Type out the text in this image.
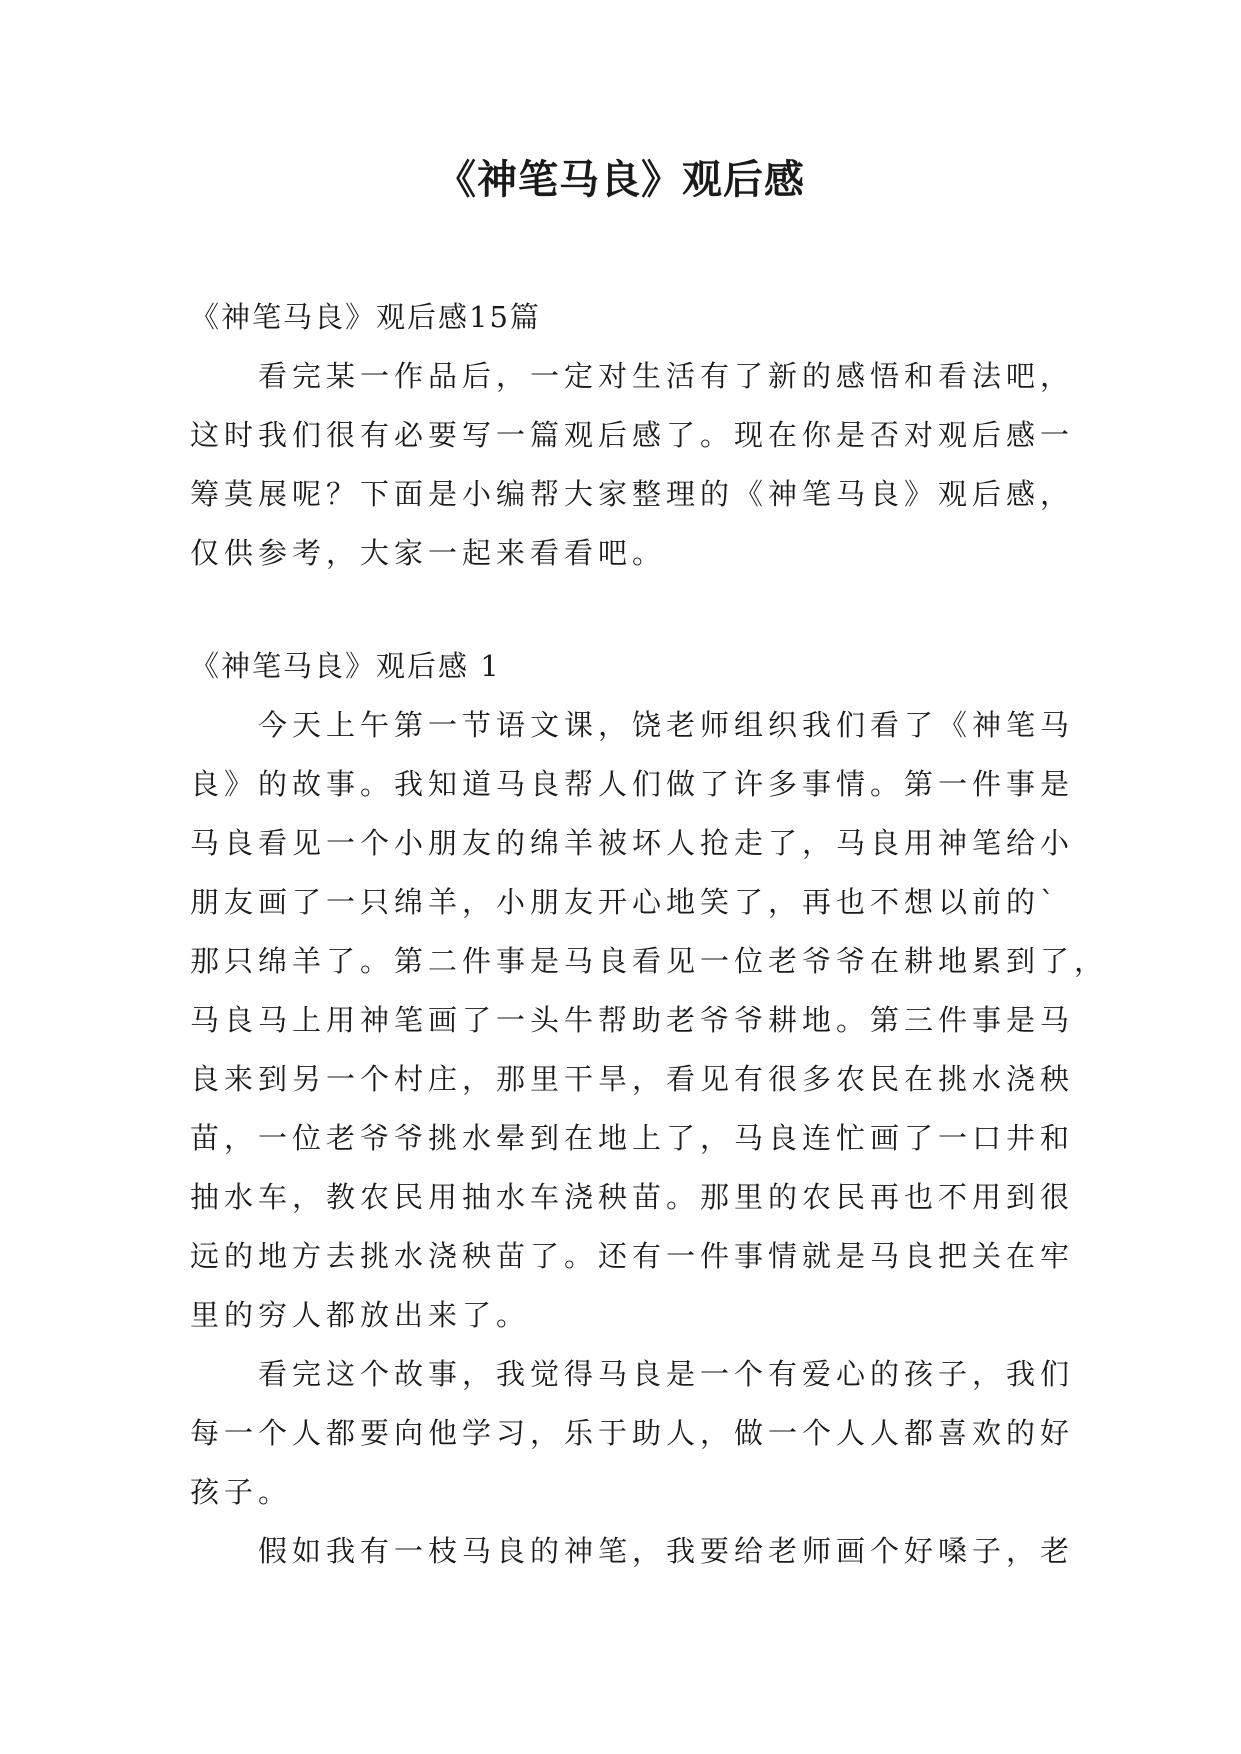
《神笔马良》观后感
《神笔马良》观后感15篇
看完某一作品后，一定对生活有了新的感悟和看法吧，
这时我们很有必要写一篇观后感了。现在你是否对观后感一
筹莫展呢？下面是小编帮大家整理的《神笔马良》观后感，
仅供参考，大家一起来看看吧。
《神笔马良》观后感 1
今天上午第一节语文课，饶老师组织我们看了《神笔马
良》的故事。我知道马良帮人们做了许多事情。第一件事是
马良看见一个小朋友的绵羊被坏人抢走了，马良用神笔给小
朋友画了一只绵羊，小朋友开心地笑了，再也不想以前的`
那只绵羊了。第二件事是马良看见一位老爷爷在耕地累到了，
马良马上用神笔画了一头牛帮助老爷爷耕地。第三件事是马
良来到另一个村庄，那里干旱，看见有很多农民在挑水浇秧
苗，一位老爷爷挑水晕到在地上了，马良连忙画了一口井和
抽水车，教农民用抽水车浇秧苗。那里的农民再也不用到很
远的地方去挑水浇秧苗了。还有一件事情就是马良把关在牢
里的穷人都放出来了。
看完这个故事，我觉得马良是一个有爱心的孩子，我们
每一个人都要向他学习，乐于助人，做一个人人都喜欢的好
孩子。
假如我有一枝马良的神笔，我要给老师画个好嗓子，老
